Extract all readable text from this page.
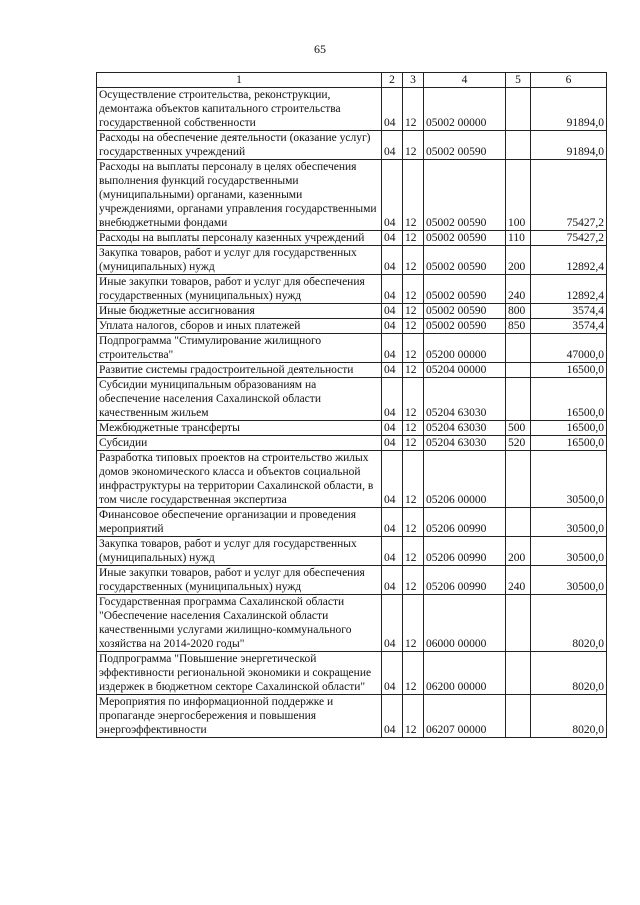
65
1	2	3	4	5	6
Осуществление строительства, реконструкции, демонтажа объектов капитального строительства государственной собственности	04	12	05002 00000		91894,0
Расходы на обеспечение деятельности (оказание услуг) государственных учреждений	04	12	05002 00590		91894,0
Расходы на выплаты персоналу в целях обеспечения выполнения функций государственными (муниципальными) органами, казенными учреждениями, органами управления государственными внебюджетными фондами	04	12	05002 00590	100	75427,2
Расходы на выплаты персоналу казенных учреждений	04	12	05002 00590	110	75427,2
Закупка товаров, работ и услуг для государственных (муниципальных) нужд	04	12	05002 00590	200	12892,4
Иные закупки товаров, работ и услуг для обеспечения государственных (муниципальных) нужд	04	12	05002 00590	240	12892,4
Иные бюджетные ассигнования	04	12	05002 00590	800	3574,4
Уплата налогов, сборов и иных платежей	04	12	05002 00590	850	3574,4
Подпрограмма "Стимулирование жилищного строительства"	04	12	05200 00000		47000,0
Развитие системы градостроительной деятельности	04	12	05204 00000		16500,0
Субсидии муниципальным образованиям на обеспечение населения Сахалинской области качественным жильем	04	12	05204 63030		16500,0
Межбюджетные трансферты	04	12	05204 63030	500	16500,0
Субсидии	04	12	05204 63030	520	16500,0
Разработка типовых проектов на строительство жилых домов экономического класса и объектов социальной инфраструктуры на территории Сахалинской области, в том числе государственная экспертиза	04	12	05206 00000		30500,0
Финансовое обеспечение организации и проведения мероприятий	04	12	05206 00990		30500,0
Закупка товаров, работ и услуг для государственных (муниципальных) нужд	04	12	05206 00990	200	30500,0
Иные закупки товаров, работ и услуг для обеспечения государственных (муниципальных) нужд	04	12	05206 00990	240	30500,0
Государственная программа Сахалинской области "Обеспечение населения Сахалинской области качественными услугами жилищно-коммунального хозяйства на 2014-2020 годы"	04	12	06000 00000		8020,0
Подпрограмма "Повышение энергетической эффективности региональной экономики и сокращение издержек в бюджетном секторе Сахалинской области"	04	12	06200 00000		8020,0
Мероприятия по информационной поддержке и пропаганде энергосбережения и повышения энергоэффективности	04	12	06207 00000		8020,0
